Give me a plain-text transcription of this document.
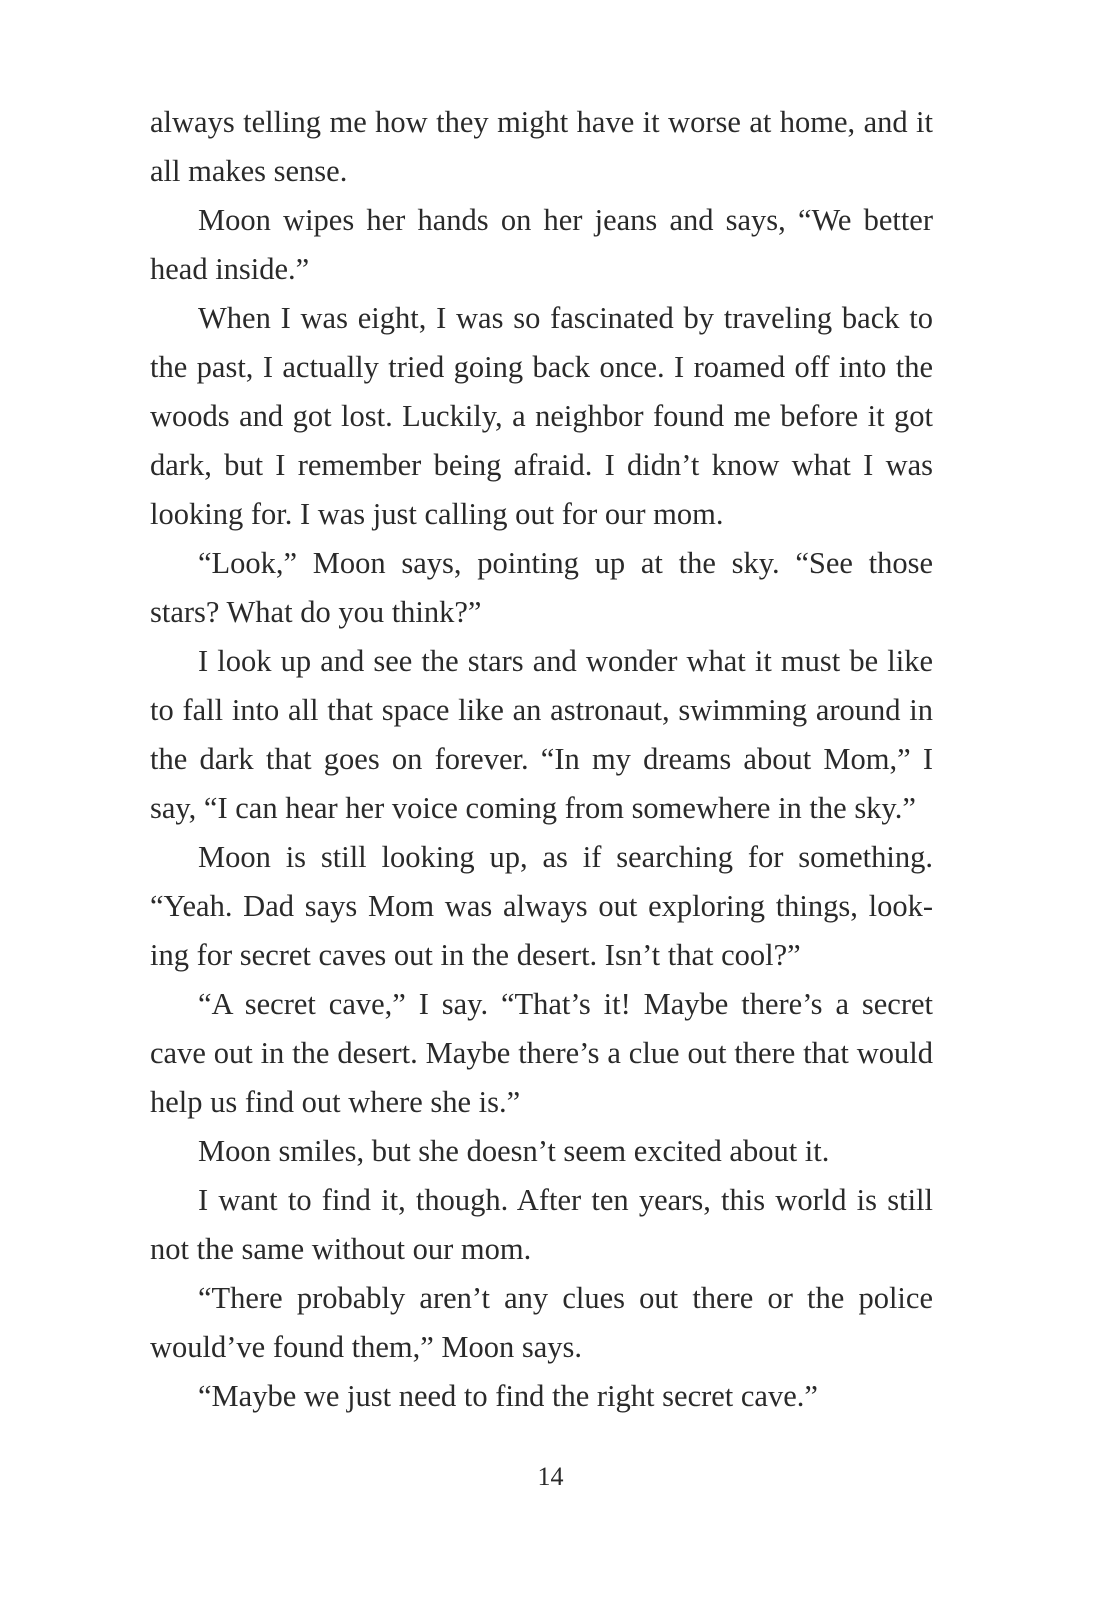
always telling me how they might have it worse at home, and it all makes sense.

Moon wipes her hands on her jeans and says, “We better head inside.”

When I was eight, I was so fascinated by traveling back to the past, I actually tried going back once. I roamed off into the woods and got lost. Luckily, a neighbor found me before it got dark, but I remember being afraid. I didn’t know what I was looking for. I was just calling out for our mom.

“Look,” Moon says, pointing up at the sky. “See those stars? What do you think?”

I look up and see the stars and wonder what it must be like to fall into all that space like an astronaut, swimming around in the dark that goes on forever. “In my dreams about Mom,” I say, “I can hear her voice coming from somewhere in the sky.”

Moon is still looking up, as if searching for something. “Yeah. Dad says Mom was always out exploring things, look-ing for secret caves out in the desert. Isn’t that cool?”

“A secret cave,” I say. “That’s it! Maybe there’s a secret cave out in the desert. Maybe there’s a clue out there that would help us find out where she is.”

Moon smiles, but she doesn’t seem excited about it.

I want to find it, though. After ten years, this world is still not the same without our mom.

“There probably aren’t any clues out there or the police would’ve found them,” Moon says.

“Maybe we just need to find the right secret cave.”

14
